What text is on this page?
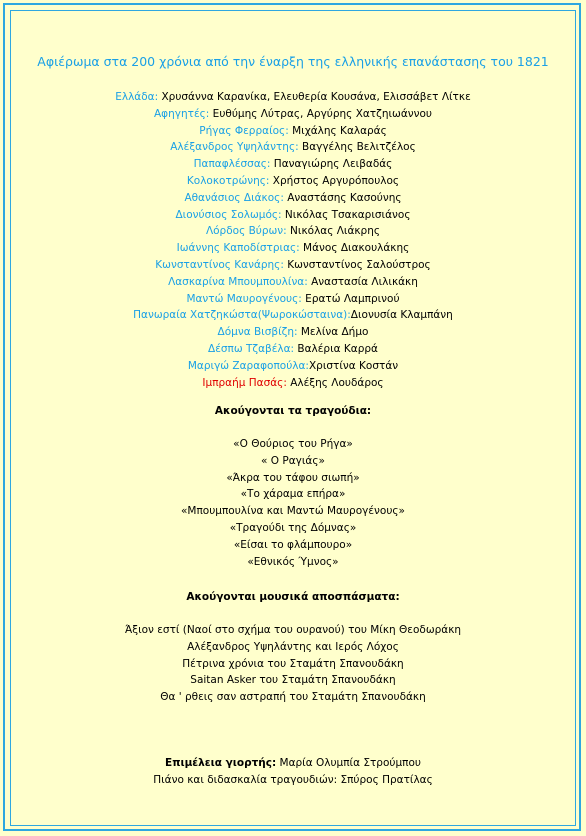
Αφιέρωμα στα 200 χρόνια από την έναρξη της ελληνικής επανάστασης του 1821
Ελλάδα: Χρυσάννα Καρανίκα, Ελευθερία Κουσάνα, Ελισσάβετ Λίτκε
Αφηγητές: Ευθύμης Λύτρας, Αργύρης Χατζηιωάννου
Ρήγας Φερραίος: Μιχάλης Καλαράς
Αλέξανδρος Υψηλάντης: Βαγγέλης Βελιτζέλος
Παπαφλέσσας: Παναγιώρης Λειβαδάς
Κολοκοτρώνης: Χρήστος Αργυρόπουλος
Αθανάσιος Διάκος: Αναστάσης Κασούνης
Διονύσιος Σολωμός: Νικόλας Τσακαρισιάνος
Λόρδος Βύρων: Νικόλας Λιάκρης
Ιωάννης Καποδίστριας: Μάνος Διακουλάκης
Κωνσταντίνος Κανάρης: Κωνσταντίνος Σαλούστρος
Λασκαρίνα Μπουμπουλίνα: Αναστασία Λιλικάκη
Μαντώ Μαυρογένους: Ερατώ Λαμπρινού
Πανωραία Χατζηκώστα(Ψωροκώσταινα):Διονυσία Κλαμπάνη
Δόμνα Βισβίζη: Μελίνα Δήμο
Δέσπω Τζαβέλα: Βαλέρια Καρρά
Μαριγώ Ζαραφοπούλα:Χριστίνα Κοστάν
Ιμπραήμ Πασάς: Αλέξης Λουδάρος
Ακούγονται τα τραγούδια:
«Ο Θούριος του Ρήγα»
« Ο Ραγιάς»
«Άκρα του τάφου σιωπή»
«Το χάραμα επήρα»
«Μπουμπουλίνα και Μαντώ Μαυρογένους»
«Τραγούδι της Δόμνας»
«Είσαι το φλάμπουρο»
«Εθνικός Ύμνος»
Ακούγονται μουσικά αποσπάσματα:
Άξιον εστί (Ναοί στο σχήμα του ουρανού) του Μίκη Θεοδωράκη
Αλέξανδρος Υψηλάντης και Ιερός Λόχος
Πέτρινα χρόνια του Σταμάτη Σπανουδάκη
Saitan Asker του Σταμάτη Σπανουδάκη
Θα ' ρθεις σαν αστραπή του Σταμάτη Σπανουδάκη
Επιμέλεια γιορτής: Μαρία Ολυμπία Στρούμπου
Πιάνο και διδασκαλία τραγουδιών: Σπύρος Πρατίλας
